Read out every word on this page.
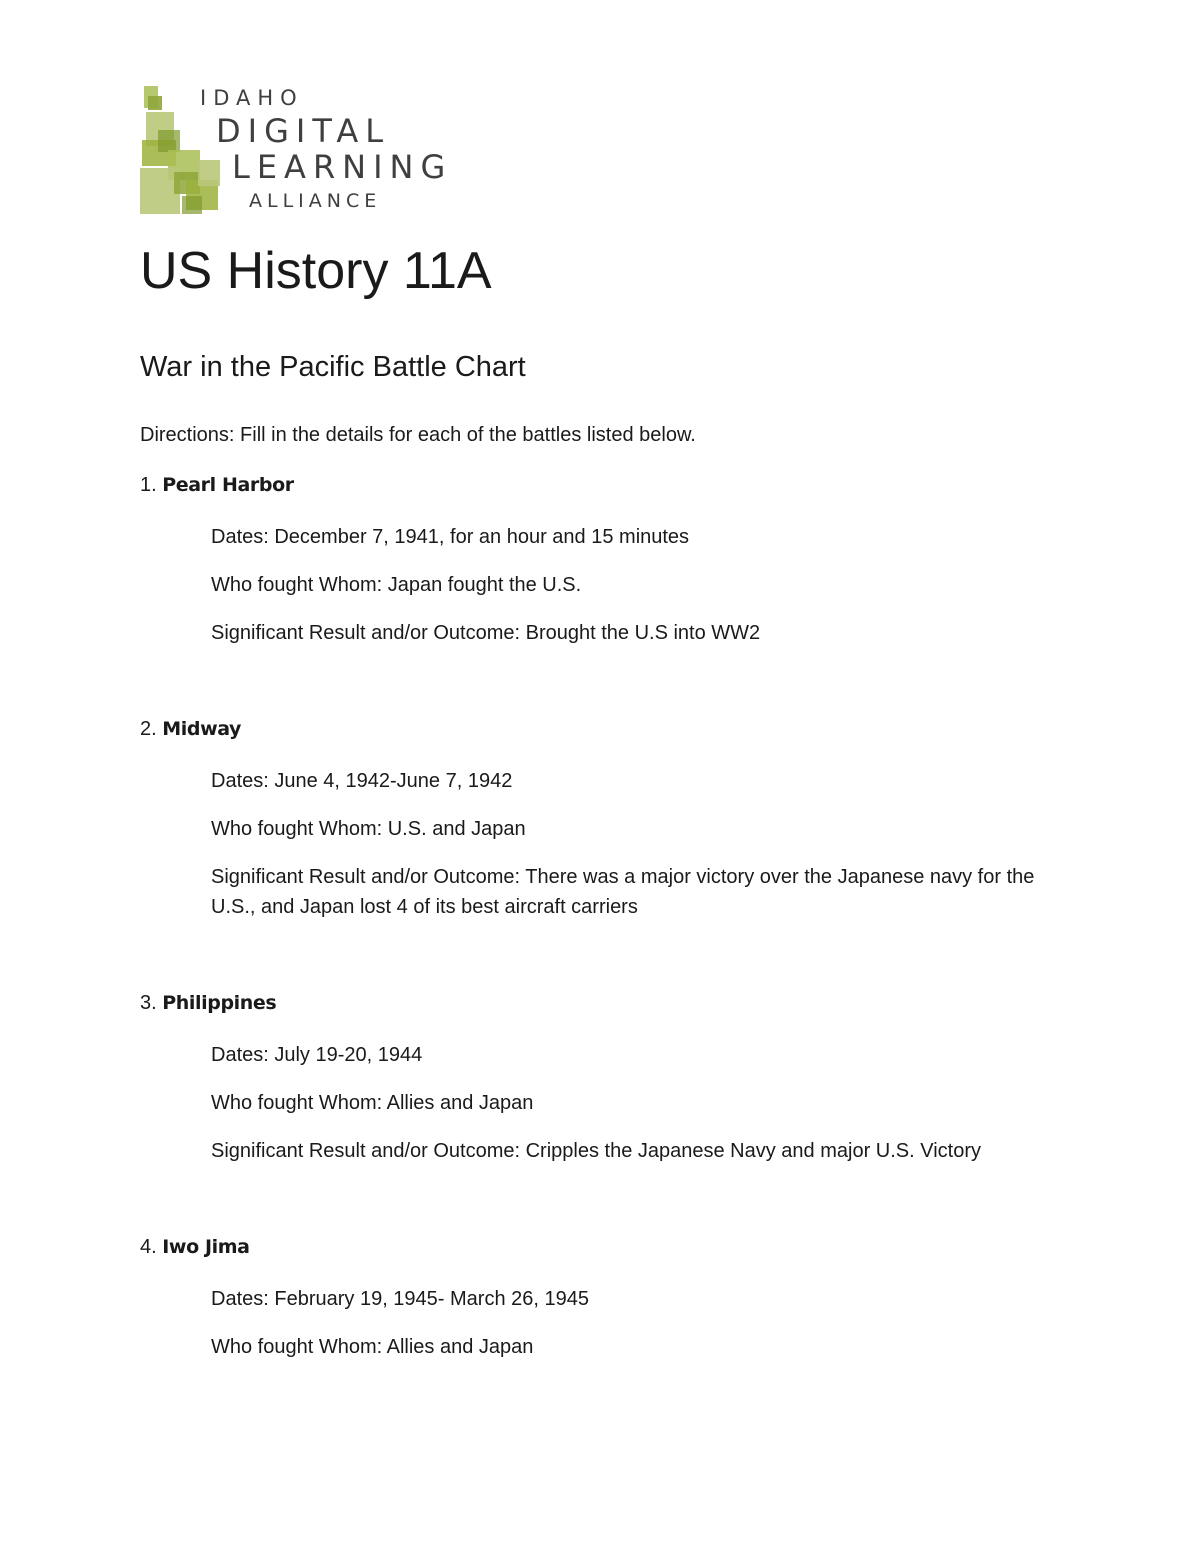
IDAHO
DIGITAL
LEARNING
ALLIANCE
US History 11A
War in the Pacific Battle Chart
Directions: Fill in the details for each of the battles listed below.
1. Pearl Harbor
Dates: December 7, 1941, for an hour and 15 minutes
Who fought Whom: Japan fought the U.S.
Significant Result and/or Outcome: Brought the U.S into WW2
2. Midway
Dates: June 4, 1942-June 7, 1942
Who fought Whom: U.S. and Japan
Significant Result and/or Outcome: There was a major victory over the Japanese navy for the U.S., and Japan lost 4 of its best aircraft carriers
3. Philippines
Dates: July 19-20, 1944
Who fought Whom: Allies and Japan
Significant Result and/or Outcome: Cripples the Japanese Navy and major U.S. Victory
4. Iwo Jima
Dates: February 19, 1945- March 26, 1945
Who fought Whom: Allies and Japan
